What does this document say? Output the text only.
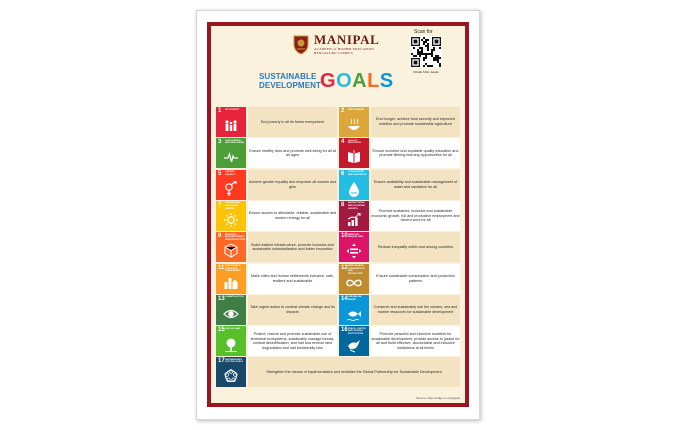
MANIPAL
ACADEMY of HIGHER EDUCATION
BENGALURU CAMPUS
Scan for
MAHE SDG details
SUSTAINABLE
DEVELOPMENT GOALS
1 NO POVERTY
End poverty in all its forms everywhere
2 ZERO HUNGER
End hunger, achieve food security and improved nutrition and promote sustainable agriculture
3 GOOD HEALTH AND WELL-BEING
Ensure healthy lives and promote well-being for all at all ages
4 QUALITY EDUCATION
Ensure inclusive and equitable quality education and promote lifelong learning opportunities for all
5 GENDER EQUALITY
Achieve gender equality and empower all women and girls
6 CLEAN WATER AND SANITATION
Ensure availability and sustainable management of water and sanitation for all
7 AFFORDABLE AND CLEAN ENERGY
Ensure access to affordable, reliable, sustainable and modern energy for all
8 DECENT WORK AND ECONOMIC GROWTH
Promote sustained, inclusive and sustainable economic growth, full and productive employment and decent work for all
9 INDUSTRY, INNOVATION AND INFRASTRUCTURE
Build resilient infrastructure, promote inclusive and sustainable industrialization and foster innovation
10 REDUCED INEQUALITIES
Reduce inequality within and among countries
11 SUSTAINABLE CITIES AND COMMUNITIES
Make cities and human settlements inclusive, safe, resilient and sustainable
12 RESPONSIBLE CONSUMPTION AND PRODUCTION
Ensure sustainable consumption and production patterns
13 CLIMATE ACTION
Take urgent action to combat climate change and its impacts
14 LIFE BELOW WATER
Conserve and sustainably use the oceans, sea and marine resources for sustainable development
15 LIFE ON LAND
Protect, restore and promote sustainable use of terrestrial ecosystems, sustainably manage forests, combat desertification, and halt and reverse land degradation and halt biodiversity loss
16 PEACE, JUSTICE AND STRONG INSTITUTIONS	Promote peaceful and inclusive societies for sustainable development, provide access to justice for all and build effective, accountable and inclusive institutions at all levels
17 PARTNERSHIPS FOR THE GOALS
Strengthen the means of implementation and revitalize the Global Partnership for Sustainable Development
Source: https://sdgs.un.org/goals
